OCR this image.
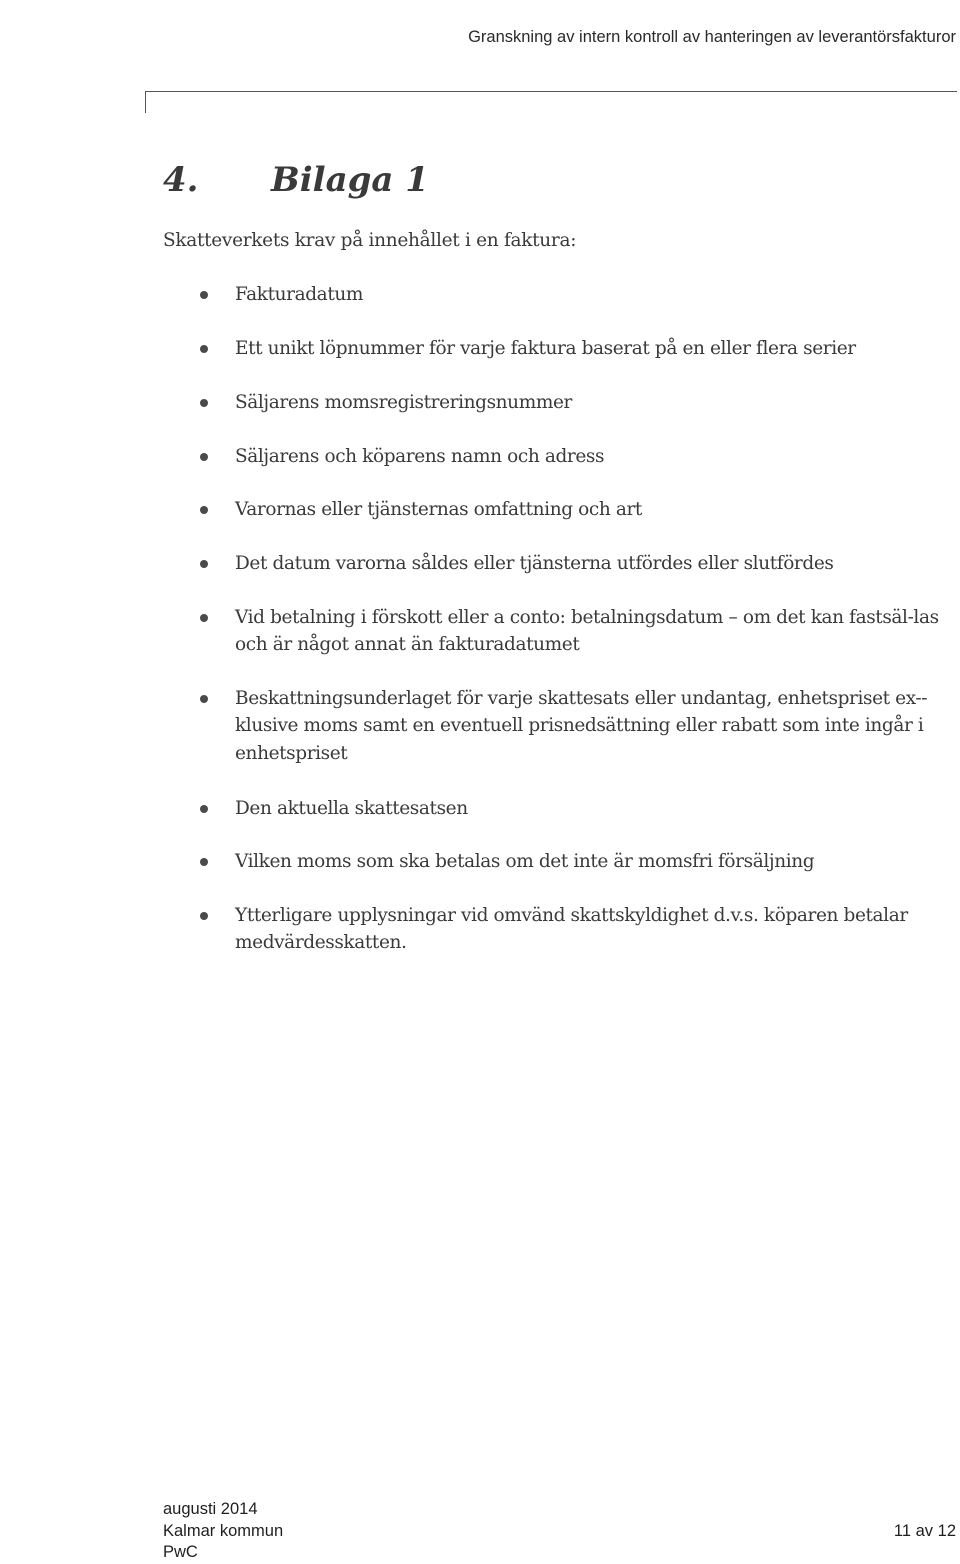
Granskning av intern kontroll av hanteringen av leverantörsfakturor
4. Bilaga 1
Skatteverkets krav på innehållet i en faktura:
Fakturadatum
Ett unikt löpnummer för varje faktura baserat på en eller flera serier
Säljarens momsregistreringsnummer
Säljarens och köparens namn och adress
Varornas eller tjänsternas omfattning och art
Det datum varorna såldes eller tjänsterna utfördes eller slutfördes
Vid betalning i förskott eller a conto: betalningsdatum – om det kan fastsäl-las och är något annat än fakturadatumet
Beskattningsunderlaget för varje skattesats eller undantag, enhetspriset ex-klusive moms samt en eventuell prisnedsättning eller rabatt som inte ingår i enhetspriset
Den aktuella skattesatsen
Vilken moms som ska betalas om det inte är momsfri försäljning
Ytterligare upplysningar vid omvänd skattskyldighet d.v.s. köparen betalar medvärdesskatten.
augusti 2014
Kalmar kommun
PwC
11 av 12
